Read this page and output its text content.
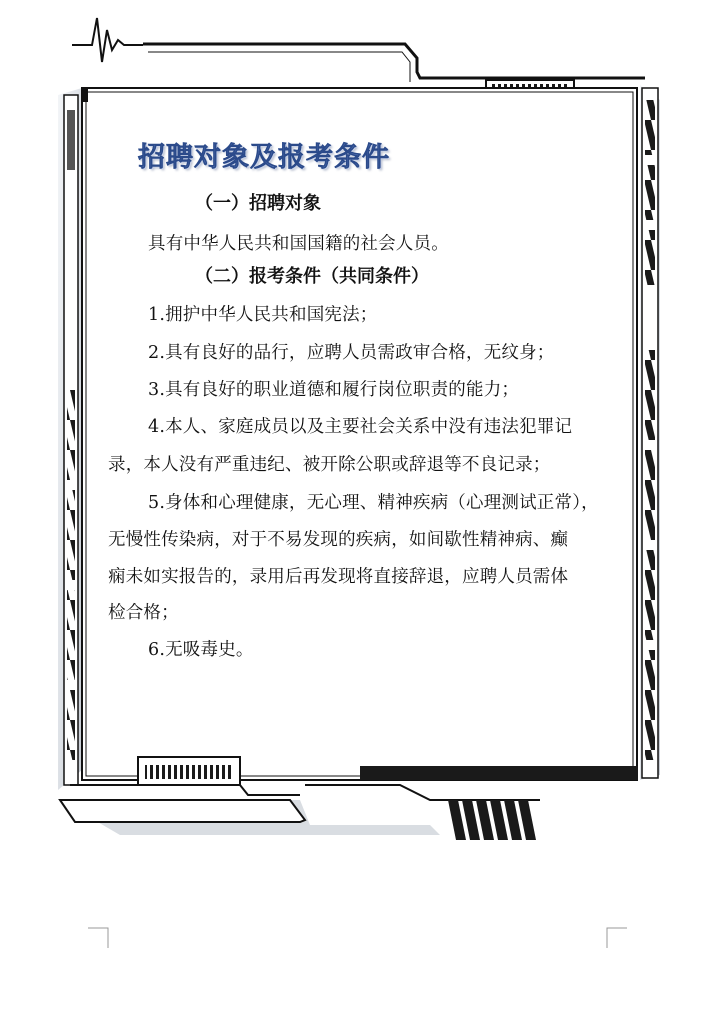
招聘对象及报考条件
（一）招聘对象
具有中华人民共和国国籍的社会人员。
（二）报考条件（共同条件）
1.拥护中华人民共和国宪法；
2.具有良好的品行，应聘人员需政审合格，无纹身；
3.具有良好的职业道德和履行岗位职责的能力；
4.本人、家庭成员以及主要社会关系中没有违法犯罪记
录，本人没有严重违纪、被开除公职或辞退等不良记录；
5.身体和心理健康，无心理、精神疾病（心理测试正常），
无慢性传染病，对于不易发现的疾病，如间歇性精神病、癫
痫未如实报告的，录用后再发现将直接辞退，应聘人员需体
检合格；
6.无吸毒史。
